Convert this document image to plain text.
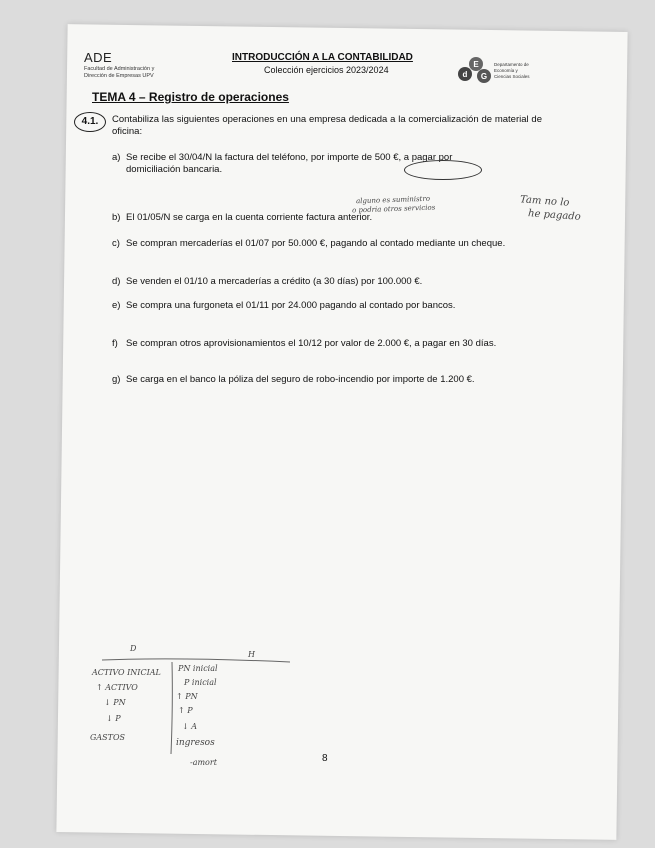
ADE
Facultad de Administración y Dirección de Empresas UPV
INTRODUCCIÓN A LA CONTABILIDAD
Colección ejercicios 2023/2024	d
E
G
Departamento de Economía y Ciencias Sociales
TEMA 4 – Registro de operaciones
4.1.	Contabiliza las siguientes operaciones en una empresa dedicada a la comercialización de material de oficina:
a) Se recibe el 30/04/N la factura del teléfono, por importe de 500 €, a pagar por domiciliación bancaria.
b) El 01/05/N se carga en la cuenta corriente factura anterior.
c) Se compran mercaderías el 01/07 por 50.000 €, pagando al contado mediante un cheque.
d) Se venden el 01/10 a mercaderías a crédito (a 30 días) por 100.000 €.
e) Se compra una furgoneta el 01/11 por 24.000 pagando al contado por bancos.
f) Se compran otros aprovisionamientos el 10/12 por valor de 2.000 €, a pagar en 30 días.
g) Se carga en el banco la póliza del seguro de robo-incendio por importe de 1.200 €.
alguno es suministro
o podria otros servicios
Tam no lo
he pagado
D
H
ACTIVO INICIAL
↑ ACTIVO
↓ PN
↓ P
GASTOS
PN inicial
P inicial
↑ PN
↑ P
↓ A
ingresos
-amort	8
